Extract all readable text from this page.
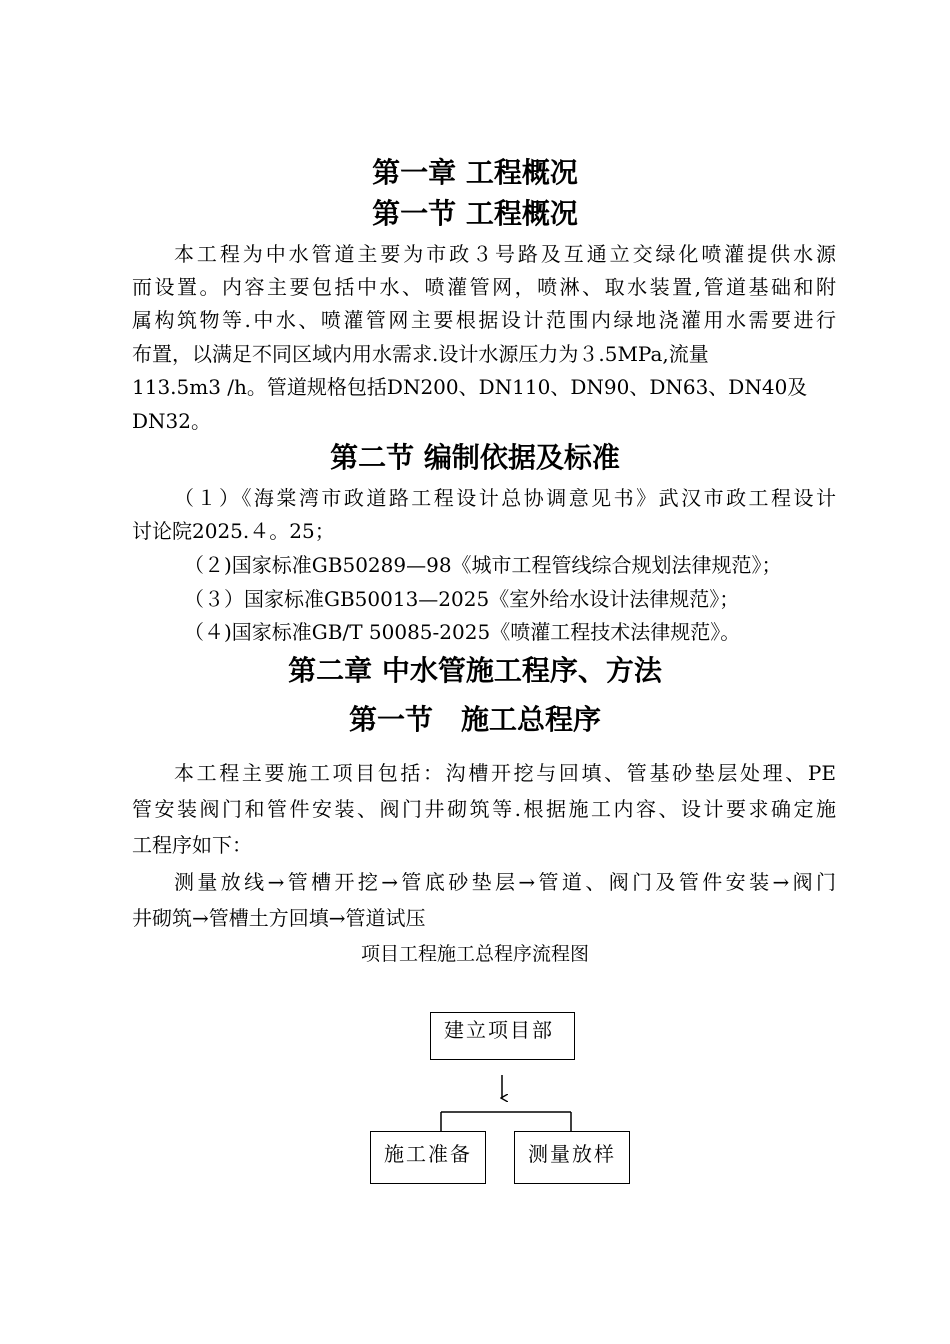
第一章 工程概况
第一节 工程概况
本工程为中水管道主要为市政３号路及互通立交绿化喷灌提供水源
而设置。内容主要包括中水、喷灌管网，喷淋、取水装置,管道基础和附
属构筑物等.中水、喷灌管网主要根据设计范围内绿地浇灌用水需要进行
布置，以满足不同区域内用水需求.设计水源压力为３.5MPa,流量
113.5m3 /h。管道规格包括DN200、DN110、DN90、DN63、DN40及
DN32。
第二节 编制依据及标准
（１）《海棠湾市政道路工程设计总协调意见书》武汉市政工程设计
讨论院2025.４。25；
（２)国家标准GB50289—98《城市工程管线综合规划法律规范》；
（３）国家标准GB50013—2025《室外给水设计法律规范》；
（４)国家标准GB/T 50085-2025《喷灌工程技术法律规范》。
第二章 中水管施工程序、方法
第一节　施工总程序
本工程主要施工项目包括：沟槽开挖与回填、管基砂垫层处理、PE
管安装阀门和管件安装、阀门井砌筑等.根据施工内容、设计要求确定施
工程序如下：
测量放线→管槽开挖→管底砂垫层→管道、阀门及管件安装→阀门
井砌筑→管槽土方回填→管道试压
项目工程施工总程序流程图
建立项目部
施工准备	测量放样
